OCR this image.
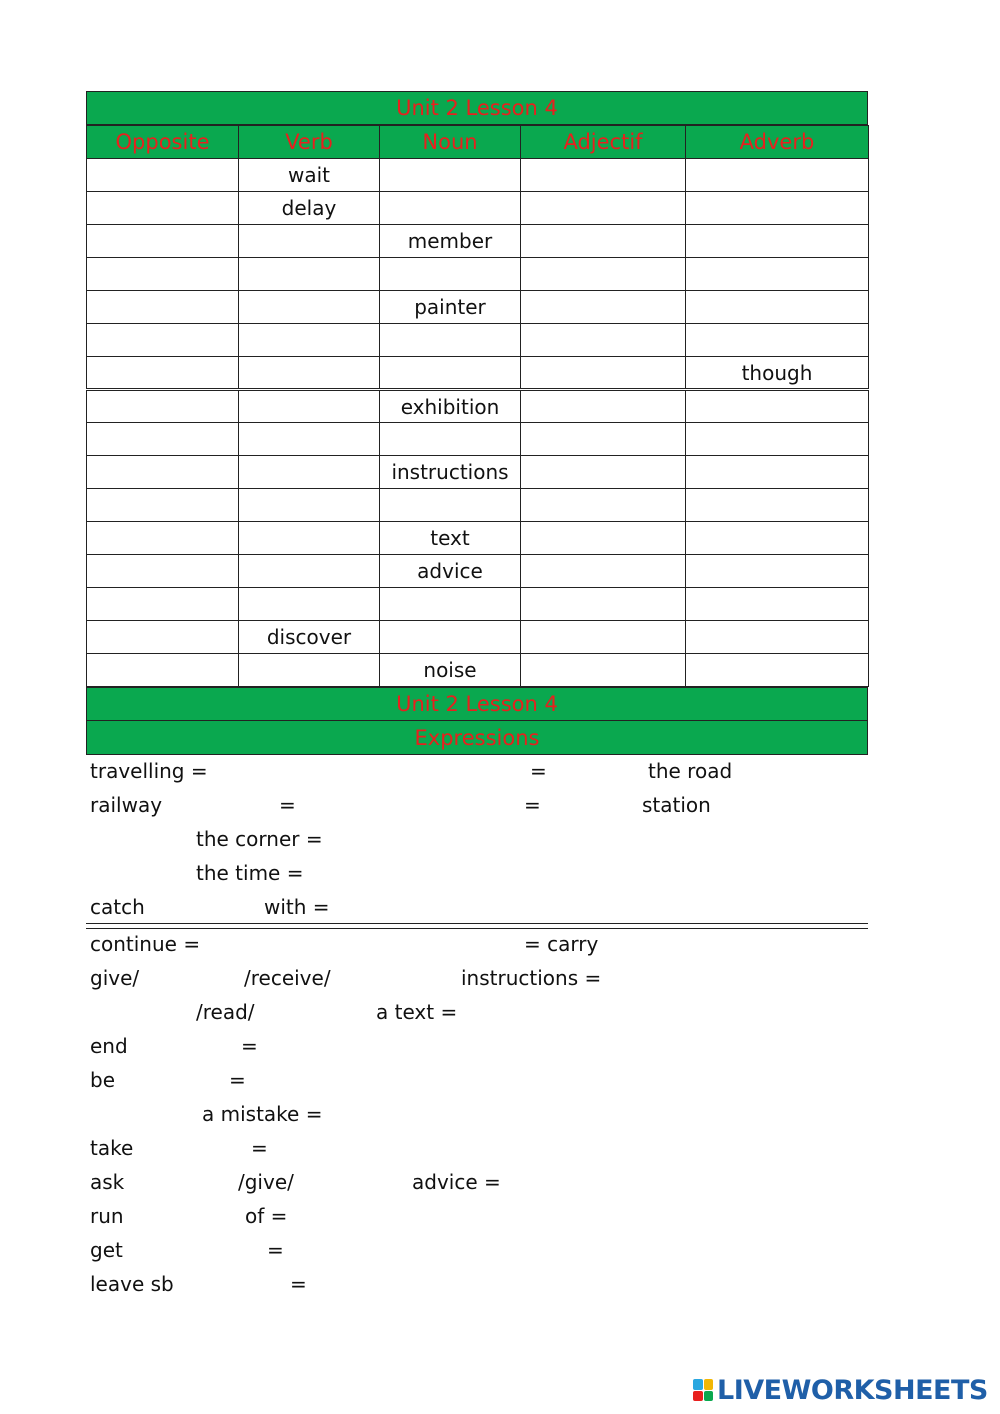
Unit 2 Lesson 4
Opposite	Verb	Noun	Adjectif	Adverb
	wait			
	delay			
		member		

		painter		

				though
		exhibition		

		instructions		

		text		
		advice		

	discover			
		noise		
Unit 2 Lesson 4
Expressions
travelling =	=	the road
railway	=	=	station
the corner =
the time =
catch	with =
continue =	= carry
give/	/receive/	instructions =
/read/	a text =
end	=
be	=
a mistake =
take	=
ask	/give/	advice =
run	of =
get	=
leave sb	=
LIVEWORKSHEETS
